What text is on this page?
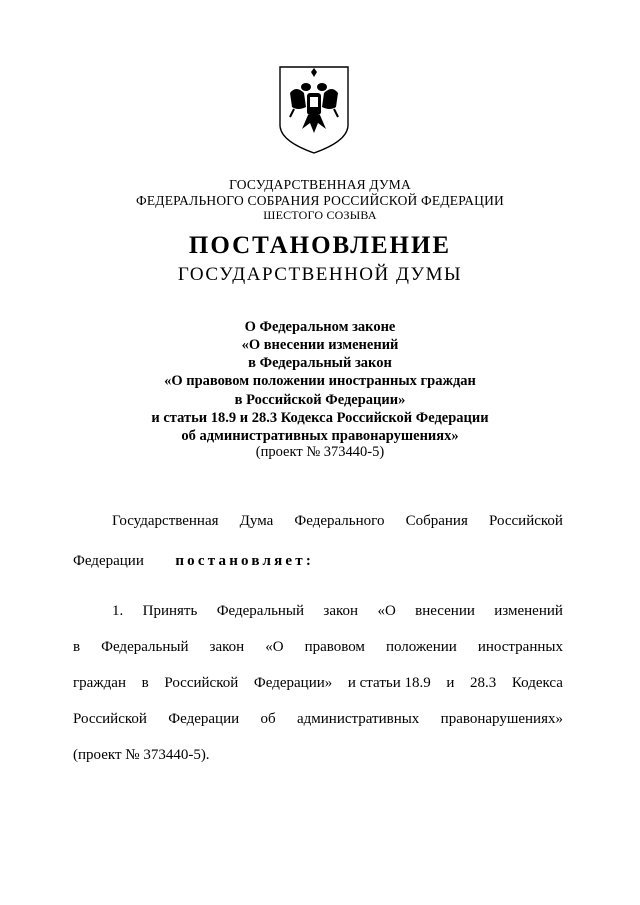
ГОСУДАРСТВЕННАЯ ДУМА
ФЕДЕРАЛЬНОГО СОБРАНИЯ РОССИЙСКОЙ ФЕДЕРАЦИИ
ШЕСТОГО СОЗЫВА
ПОСТАНОВЛЕНИЕ
ГОСУДАРСТВЕННОЙ ДУМЫ
О Федеральном законе
«О внесении изменений
в Федеральный закон
«О правовом положении иностранных граждан
в Российской Федерации»
и статьи 18.9 и 28.3 Кодекса Российской Федерации
об административных правонарушениях»
(проект № 373440-5)
Государственная Дума Федерального Собрания Российской
Федерации постановляет:
1. Принять Федеральный закон «О внесении изменений
в Федеральный закон «О правовом положении иностранных
граждан в Российской Федерации» и статьи 18.9 и 28.3 Кодекса
Российской Федерации об административных правонарушениях»
(проект № 373440-5).
